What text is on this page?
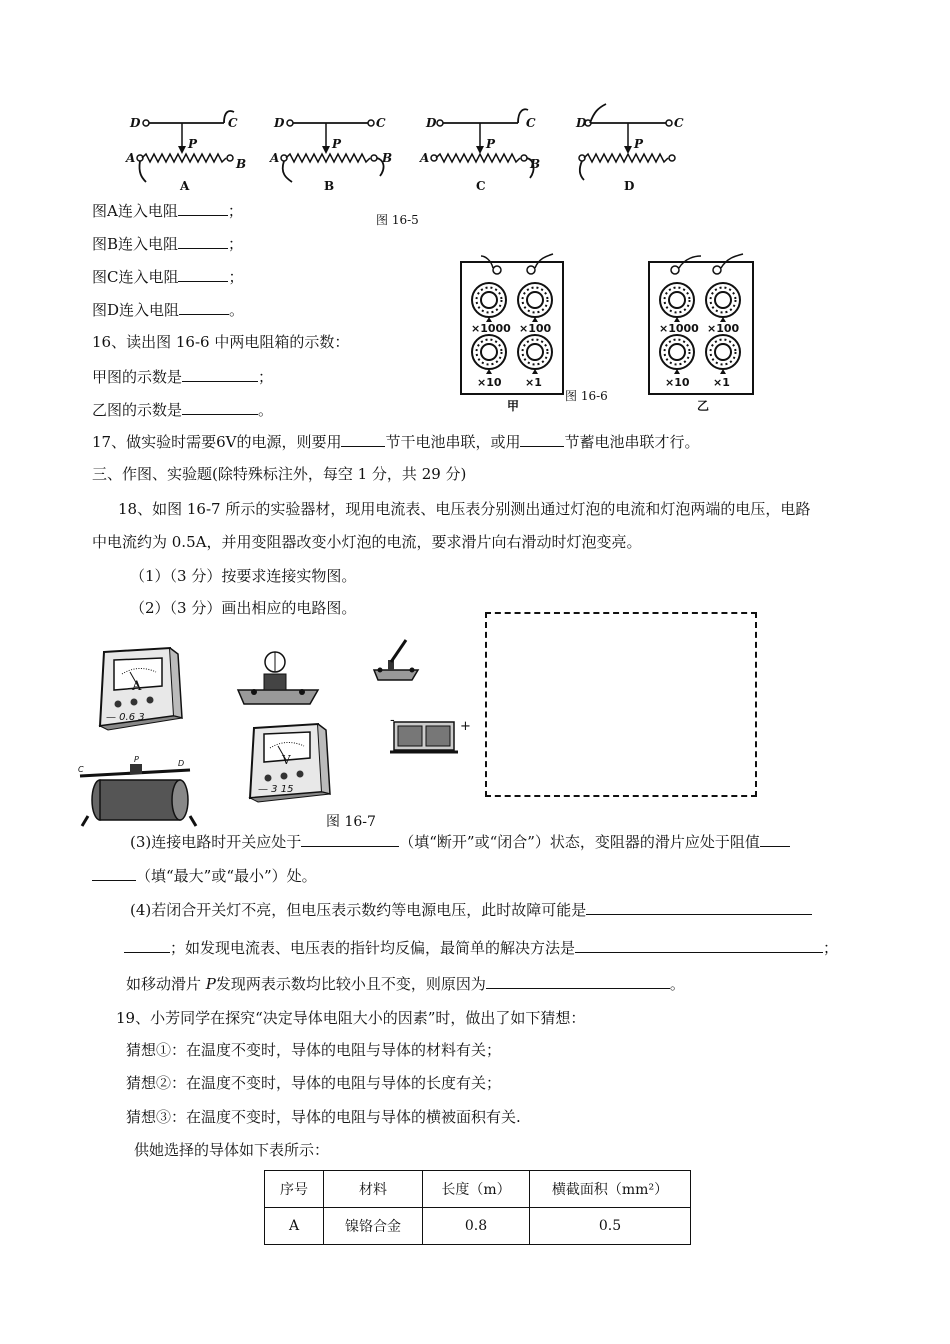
D	C
P
A	B
A
D	C
P
A	B
B
D	C
P
A	B
C
D	C
P
D
图A连入电阻	；	图 16-5
图B连入电阻	；
图C连入电阻	；
图D连入电阻	。
×1000 ×100
×10 ×1
甲
×1000 ×100
×10 ×1
乙
图 16-6
16、读出图 16-6 中两电阻箱的示数：
甲图的示数是	；
乙图的示数是	。
17、做实验时需要6V的电源，则要用	节干电池串联，或用	节蓄电池串联才行。
三、作图、实验题(除特殊标注外，每空 1 分，共 29 分)
18、如图 16-7 所示的实验器材，现用电流表、电压表分别测出通过灯泡的电流和灯泡两端的电压，电路
中电流约为 0.5A，并用变阻器改变小灯泡的电流，要求滑片向右滑动时灯泡变亮。
（1）（3 分）按要求连接实物图。
（2）（3 分）画出相应的电路图。
A
— 0.6 3	-	+
C
P	D	V
— 3 15
图 16-7
(3)连接电路时开关应处于	（填“断开”或“闭合”）状态，变阻器的滑片应处于阻值
（填“最大”或“最小”）处。
(4)若闭合开关灯不亮，但电压表示数约等电源电压，此时故障可能是
；如发现电流表、电压表的指针均反偏，最简单的解决方法是	；
如移动滑片 P发现两表示数均比较小且不变，则原因为	。
19、小芳同学在探究“决定导体电阻大小的因素”时，做出了如下猜想：
猜想①：在温度不变时，导体的电阻与导体的材料有关；
猜想②：在温度不变时，导体的电阻与导体的长度有关；
猜想③：在温度不变时，导体的电阻与导体的横被面积有关.
供她选择的导体如下表所示：
序号	材料	长度（m）	横截面积（mm²）
A	镍铬合金	0.8	0.5
